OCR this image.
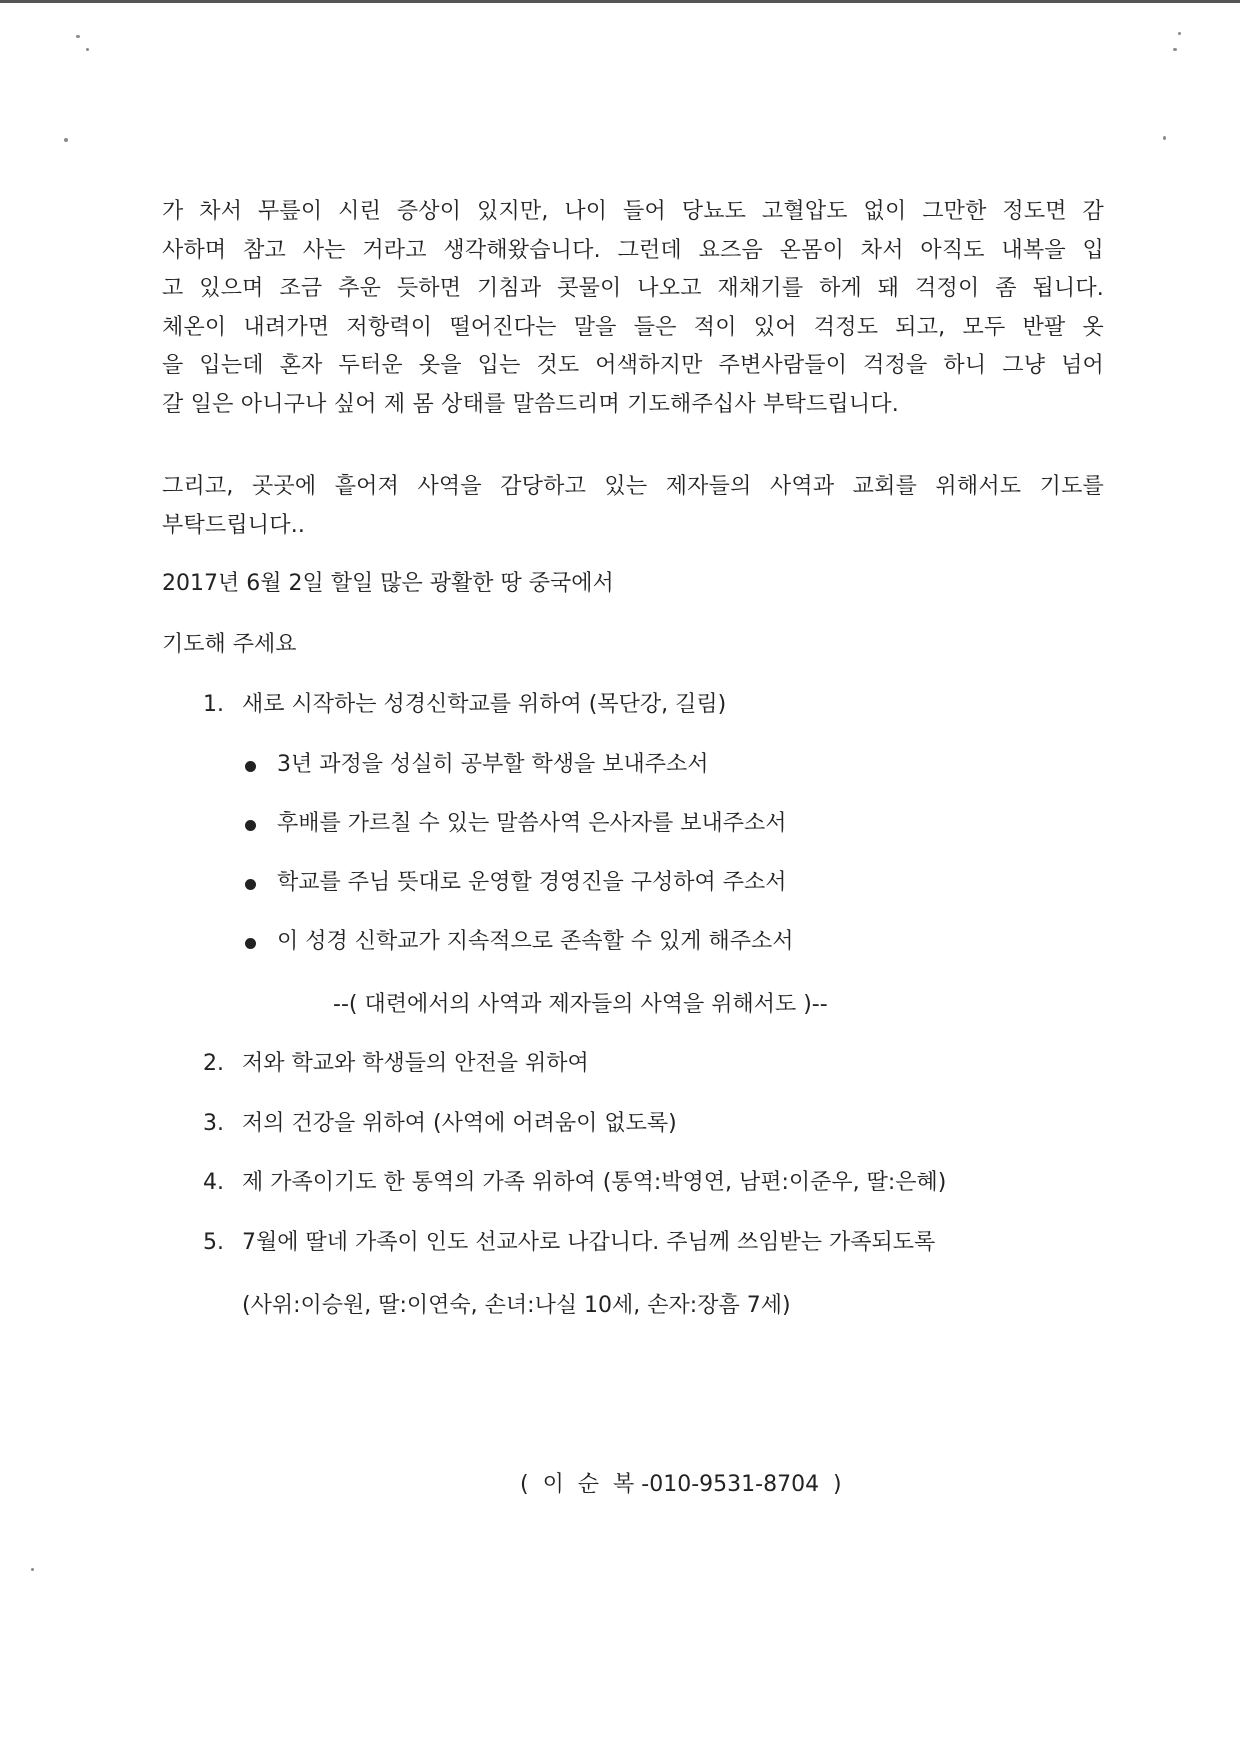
가 차서 무릎이 시린 증상이 있지만, 나이 들어 당뇨도 고혈압도 없이 그만한 정도면 감
사하며 참고 사는 거라고 생각해왔습니다. 그런데 요즈음 온몸이 차서 아직도 내복을 입
고 있으며 조금 추운 듯하면 기침과 콧물이 나오고 재채기를 하게 돼 걱정이 좀 됩니다.
체온이 내려가면 저항력이 떨어진다는 말을 들은 적이 있어 걱정도 되고, 모두 반팔 옷
을 입는데 혼자 두터운 옷을 입는 것도 어색하지만 주변사람들이 걱정을 하니 그냥 넘어
갈 일은 아니구나 싶어 제 몸 상태를 말씀드리며 기도해주십사 부탁드립니다.
그리고, 곳곳에 흩어져 사역을 감당하고 있는 제자들의 사역과 교회를 위해서도 기도를
부탁드립니다..

2017년 6월 2일 할일 많은 광활한 땅 중국에서

기도해 주세요

1. 새로 시작하는 성경신학교를 위하여 (목단강, 길림)
3년 과정을 성실히 공부할 학생을 보내주소서
후배를 가르칠 수 있는 말씀사역 은사자를 보내주소서
학교를 주님 뜻대로 운영할 경영진을 구성하여 주소서
이 성경 신학교가 지속적으로 존속할 수 있게 해주소서

--( 대련에서의 사역과 제자들의 사역을 위해서도 )--

2. 저와 학교와 학생들의 안전을 위하여
3. 저의 건강을 위하여 (사역에 어려움이 없도록)
4. 제 가족이기도 한 통역의 가족 위하여 (통역:박영연, 남편:이준우, 딸:은혜)
5. 7월에 딸네 가족이 인도 선교사로 나갑니다. 주님께 쓰임받는 가족되도록
(사위:이승원, 딸:이연숙, 손녀:나실 10세, 손자:장흠 7세)

(  이  순  복 -010-9531-8704  )
